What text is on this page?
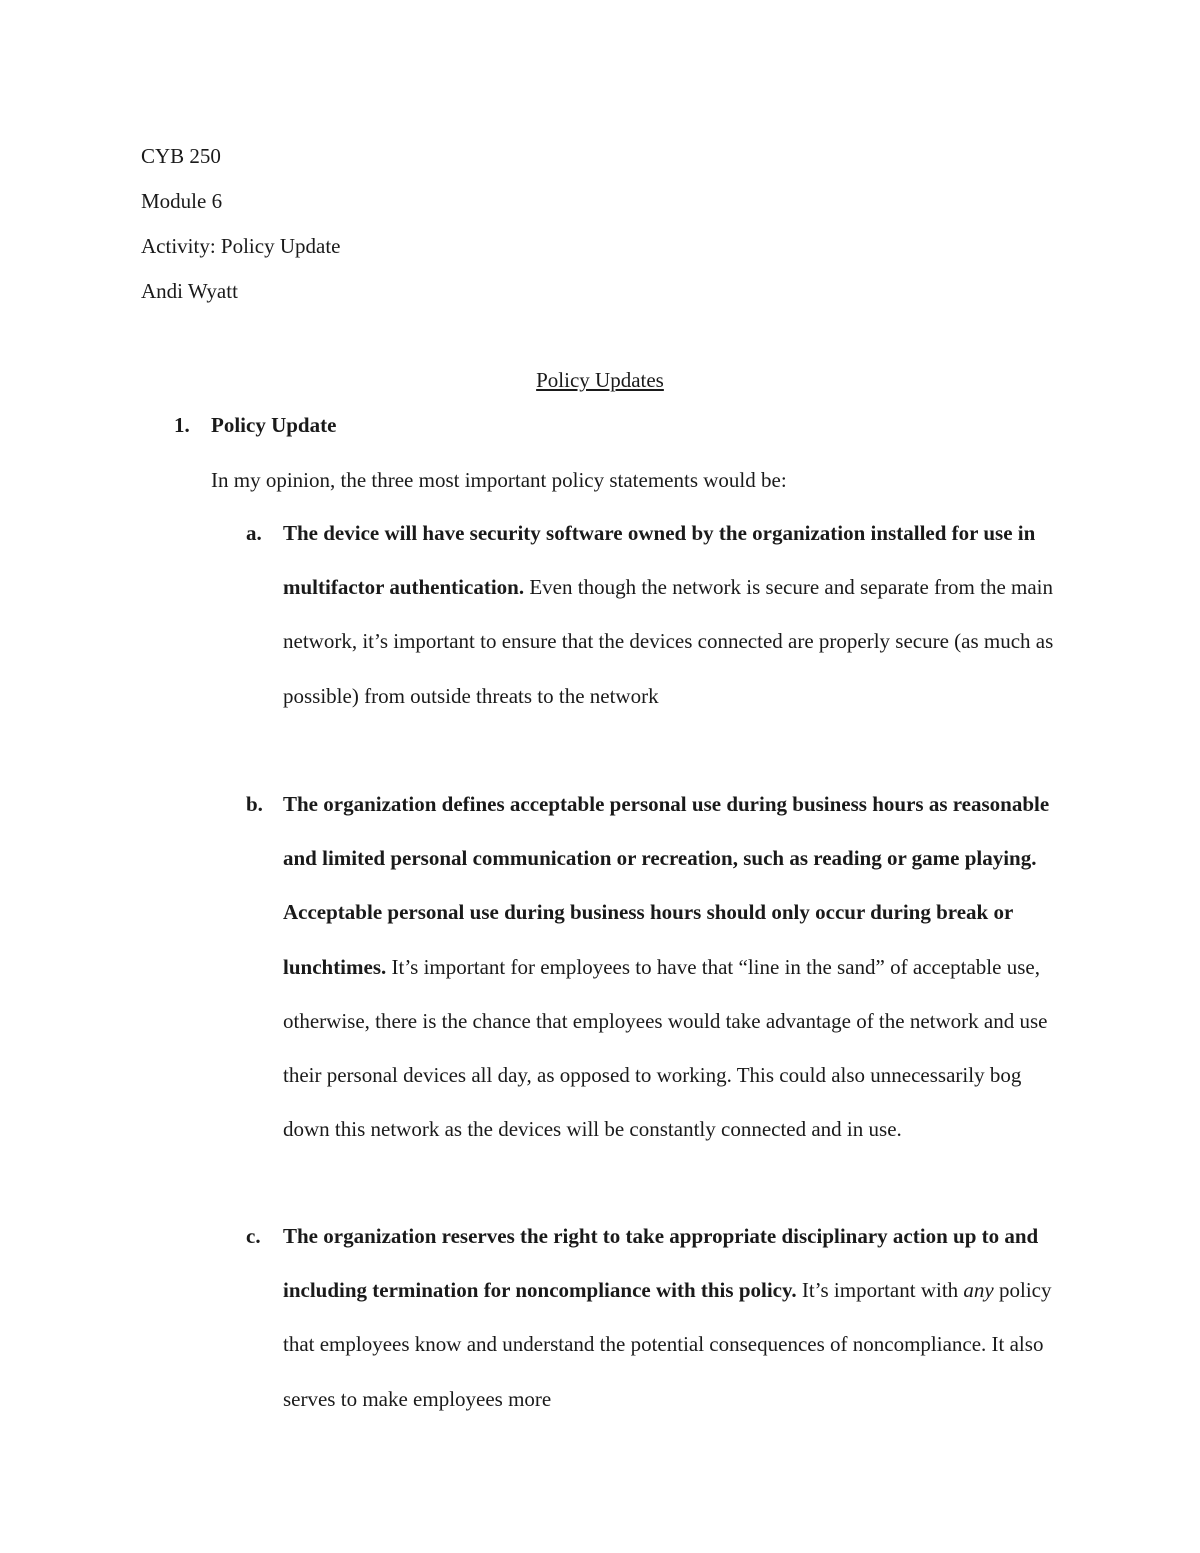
CYB 250

Module 6

Activity: Policy Update

Andi Wyatt

Policy Updates

1. Policy Update

In my opinion, the three most important policy statements would be:

a. The device will have security software owned by the organization installed for use in multifactor authentication. Even though the network is secure and separate from the main network, it’s important to ensure that the devices connected are properly secure (as much as possible) from outside threats to the network

b. The organization defines acceptable personal use during business hours as reasonable and limited personal communication or recreation, such as reading or game playing. Acceptable personal use during business hours should only occur during break or lunchtimes. It’s important for employees to have that “line in the sand” of acceptable use, otherwise, there is the chance that employees would take advantage of the network and use their personal devices all day, as opposed to working. This could also unnecessarily bog down this network as the devices will be constantly connected and in use.

c. The organization reserves the right to take appropriate disciplinary action up to and including termination for noncompliance with this policy. It’s important with any policy that employees know and understand the potential consequences of noncompliance. It also serves to make employees more
